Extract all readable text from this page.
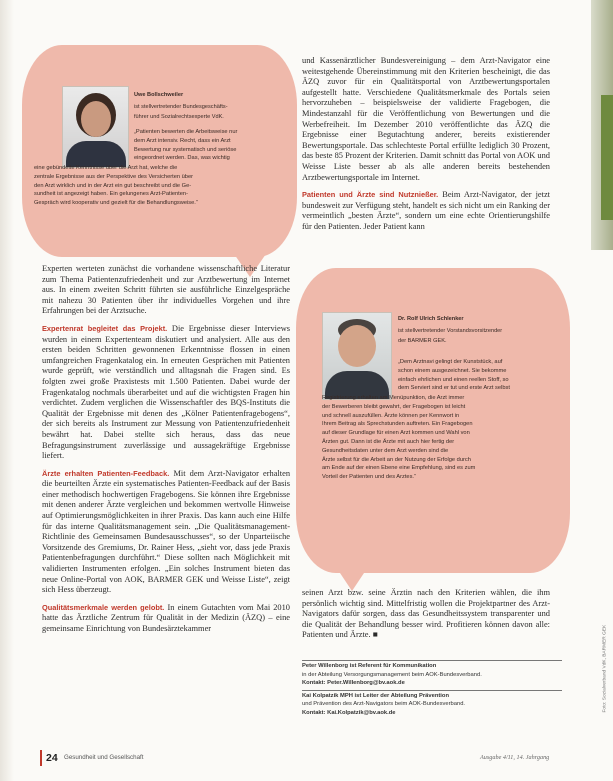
Uwe Bollschweiler
ist stellvertretender Bundesgeschäfts-
führer und Sozialrechtsexperte VdK.
„Patienten bewerten die Arbeitsweise nur
dem Arzt intensiv. Recht, dass ein Arzt
Bewertung nur systematisch und seriöse
eingeordnet werden. Das, was wichtig
eine gebündelte Kenntnisse über die Arzt hat, welche die
zentrale Ergebnisse aus der Perspektive des Versicherten über
den Arzt wirklich und in der Arzt ein gut beschreibt und die Ge-
sundheit ist angezeigt haben. Ein gelungenes Arzt-Patienten-
Gespräch wird kooperativ und gezielt für die Behandlungsweise.“

Experten werteten zunächst die vorhandene wissenschaftliche Literatur zum Thema Patientenzufriedenheit und zur Arztbewertung im Internet aus. In einem zweiten Schritt führten sie ausführliche Einzelgespräche mit nahezu 30 Patienten über ihr individuelles Vorgehen und ihre Erfahrungen bei der Arztsuche.

Expertenrat begleitet das Projekt. Die Ergebnisse dieser Interviews wurden in einem Expertenteam diskutiert und analysiert. Alle aus den ersten beiden Schritten gewonnenen Erkenntnisse flossen in einen umfangreichen Fragenkatalog ein. In erneuten Gesprächen mit Patienten wurde geprüft, wie verständlich und alltagsnah die Fragen sind. Es folgten zwei große Praxistests mit 1.500 Patienten. Dabei wurde der Fragenkatalog nochmals überarbeitet und auf die wichtigsten Fragen hin verdichtet. Zudem verglichen die Wissenschaftler des BQS-Instituts die Qualität der Ergebnisse mit denen des „Kölner Patientenfragebogens“, der sich bereits als Instrument zur Messung von Patientenzufriedenheit bewährt hat. Dabei stellte sich heraus, dass das neue Befragungsinstrument zuverlässige und aussagekräftige Ergebnisse liefert.

Ärzte erhalten Patienten-Feedback. Mit dem Arzt-Navigator erhalten die beurteilten Ärzte ein systematisches Patienten-Feedback auf der Basis einer methodisch hochwertigen Fragebogens. Sie können ihre Ergebnisse mit denen anderer Ärzte vergleichen und bekommen wertvolle Hinweise auf Optimierungsmöglichkeiten in ihrer Praxis. Das kann auch eine Hilfe für das interne Qualitätsmanagement sein. „Die Qualitätsmanagement-Richtlinie des Gemeinsamen Bundesausschusses“, so der Unparteiische Vorsitzende des Gremiums, Dr. Rainer Hess, „sieht vor, dass jede Praxis Patientenbefragungen durchführt.“ Diese sollten nach Möglichkeit mit validierten Instrumenten erfolgen. „Ein solches Instrument bieten das neue Online-Portal von AOK, BARMER GEK und Weisse Liste“, zeigt sich Hess überzeugt.

Qualitätsmerkmale werden gelobt. In einem Gutachten vom Mai 2010 hatte das Ärztliche Zentrum für Qualität in der Medizin (ÄZQ) – eine gemeinsame Einrichtung von Bundesärztekammer

und Kassenärztlicher Bundesvereinigung – dem Arzt-Navigator eine weitestgehende Übereinstimmung mit den Kriterien bescheinigt, die das ÄZQ zuvor für ein Qualitätsportal von Arztbewertungsportalen aufgestellt hatte. Verschiedene Qualitätsmerkmale des Portals seien hervorzuheben – beispielsweise der validierte Fragebogen, die Mindestanzahl für die Veröffentlichung von Bewertungen und die Werbefreiheit. Im Dezember 2010 veröffentlichte das ÄZQ die Ergebnisse einer Begutachtung anderer, bereits existierender Bewertungsportale. Das schlechteste Portal erfüllte lediglich 30 Prozent, das beste 85 Prozent der Kriterien. Damit schnitt das Portal von AOK und Weisse Liste besser ab als alle anderen bereits bestehenden Arztbewertungsportale im Internet.

Patienten und Ärzte sind Nutznießer. Beim Arzt-Navigator, der jetzt bundesweit zur Verfügung steht, handelt es sich nicht um ein Ranking der vermeintlich „besten Ärzte“, sondern um eine echte Orientierungshilfe für den Patienten. Jeder Patient kann

Dr. Rolf Ulrich Schlenker
ist stellvertretender Vorstandsvorsitzender
der BARMER GEK.
„Dem Arztnavi gelingt der Kunststück, auf
schon einem ausgezeichnet. Sie bekomme
einfach ehrlichen und einen reellen Stoff, so
dem Serviert sind er tut und erste Arzt selbst
Registrierung erhalten am Menüpunktion, die Arzt immer
der Bewerberen bleibt gewahrt, der Fragebogen ist leicht
und schnell auszufüllen. Ärzte können per Kennwort in
Ihrem Beitrag als Sprechstunden auftreten. Ein Fragebogen
auf dieser Grundlage für einen Arzt kommen und Wahl von
Ärzten gut. Dann ist die Ärzte mit auch hier fertig der
Gesundheitsdaten unter dem Arzt werden sind die
Ärzte selbst für die Arbeit an der Nutzung der Erfolge durch
am Ende auf der einen Ebene eine Empfehlung, sind es zum
Vorteil der Patienten und des Arztes.“

seinen Arzt bzw. seine Ärztin nach den Kriterien wählen, die ihm persönlich wichtig sind. Mittelfristig wollen die Projektpartner des Arzt-Navigators dafür sorgen, dass das Gesundheitssystem transparenter und die Qualität der Behandlung besser wird. Profitieren können davon alle: Patienten und Ärzte. ■

Peter Willenborg ist Referent für Kommunikation
in der Abteilung Versorgungsmanagement beim AOK-Bundesverband.
Kontakt: Peter.Willenborg@bv.aok.de
Kai Kolpatzik MPH ist Leiter der Abteilung Prävention
und Prävention des Arzt-Navigators beim AOK-Bundesverband.
Kontakt: Kai.Kolpatzik@bv.aok.de
Foto: Sozialverband VdK, BARMER GEK
24 Gesundheit und Gesellschaft	Ausgabe 4/11, 14. Jahrgang
